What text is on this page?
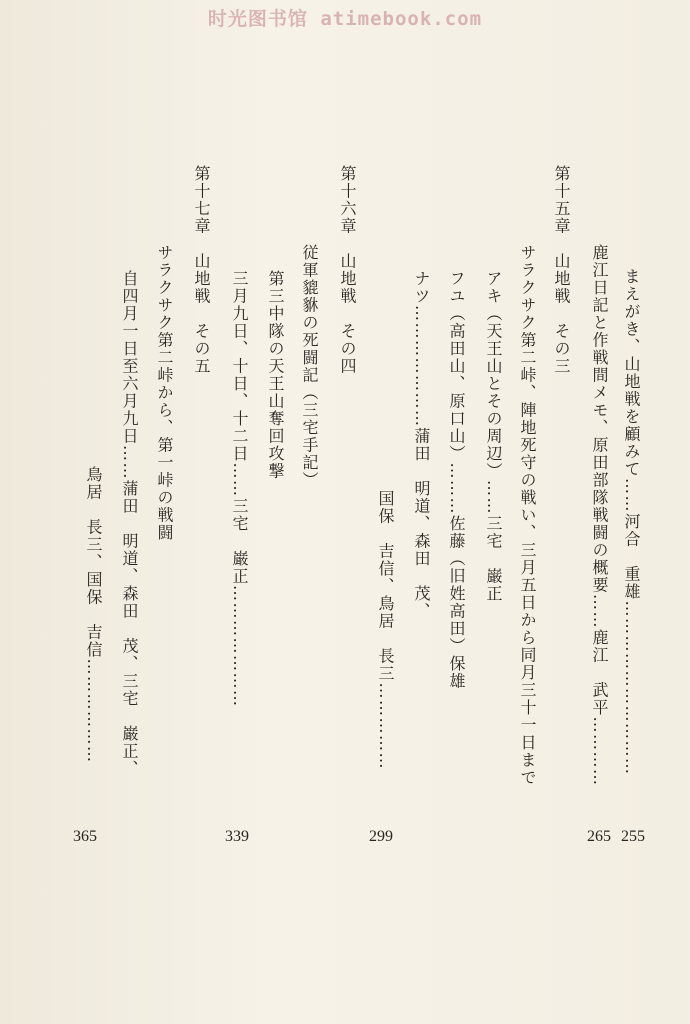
时光图书馆 atimebook.com
まえがき、山地戦を顧みて……河合　重雄…………………………
255
鹿江日記と作戦間メモ、原田部隊戦闘の概要……鹿江　武平…………
265
第十五章　山地戦　その三
サラクサク第二峠、陣地死守の戦い、三月五日から同月三十一日まで
アキ（天王山とその周辺）……三宅　巌正
フユ（高田山、原口山）………佐藤（旧姓高田）保雄
ナツ…………………蒲田　明道、森田　茂、
国保　吉信、鳥居　長三……………
299
第十六章　山地戦　その四
従軍貔貅の死闘記（三宅手記）
第三中隊の天王山奪回攻撃
三月九日、十日、十二日……三宅　巌正…………………
339
第十七章　山地戦　その五
サラクサク第二峠から、第一峠の戦闘
自四月一日至六月九日……蒲田　明道、森田　茂、三宅　巌正、
鳥居　長三、国保　吉信………………
365
